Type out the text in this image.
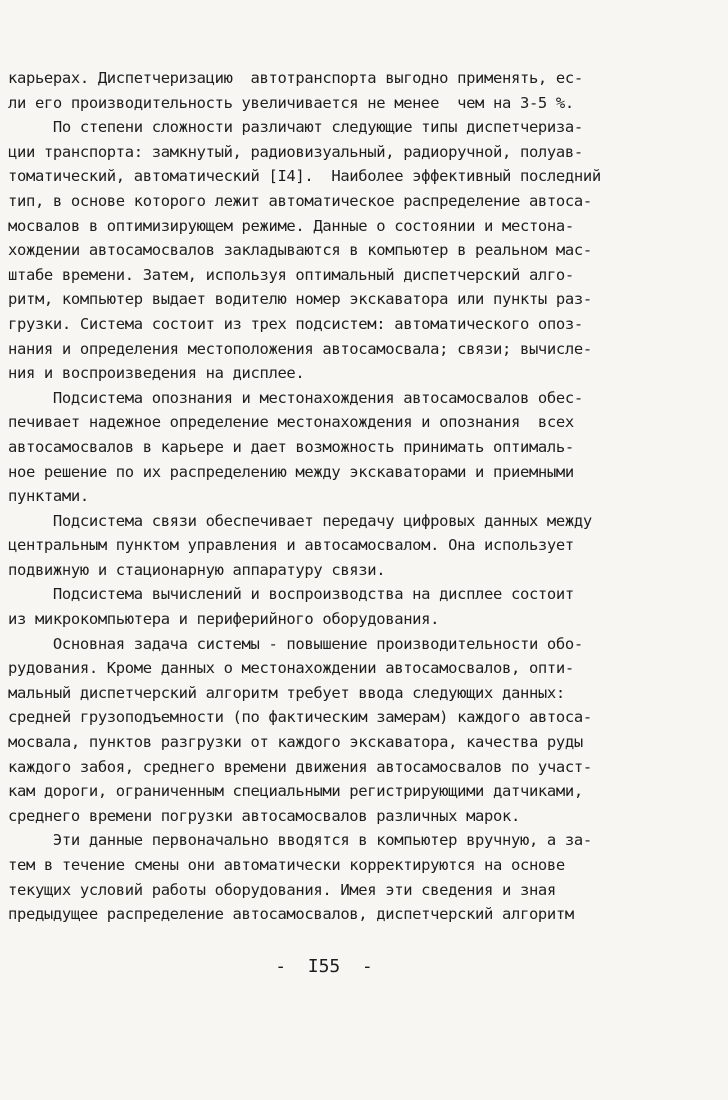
карьерах. Диспетчеризацию  автотранспорта выгодно применять, ес-
ли его производительность увеличивается не менее  чем на 3-5 %.
По степени сложности различают следующие типы диспетчериза-
ции транспорта: замкнутый, радиовизуальный, радиоручной, полуав-
томатический, автоматический [I4].  Наиболее эффективный последний
тип, в основе которого лежит автоматическое распределение автоса-
мосвалов в оптимизирующем режиме. Данные о состоянии и местона-
хождении автосамосвалов закладываются в компьютер в реальном мас-
штабе времени. Затем, используя оптимальный диспетчерский алго-
ритм, компьютер выдает водителю номер экскаватора или пункты раз-
грузки. Система состоит из трех подсистем: автоматического опоз-
нания и определения местоположения автосамосвала; связи; вычисле-
ния и воспроизведения на дисплее.
Подсистема опознания и местонахождения автосамосвалов обес-
печивает надежное определение местонахождения и опознания  всех
автосамосвалов в карьере и дает возможность принимать оптималь-
ное решение по их распределению между экскаваторами и приемными
пунктами.
Подсистема связи обеспечивает передачу цифровых данных между
центральным пунктом управления и автосамосвалом. Она использует
подвижную и стационарную аппаратуру связи.
Подсистема вычислений и воспроизводства на дисплее состоит
из микрокомпьютера и периферийного оборудования.
Основная задача системы - повышение производительности обо-
рудования. Кроме данных о местонахождении автосамосвалов, опти-
мальный диспетчерский алгоритм требует ввода следующих данных:
средней грузоподъемности (по фактическим замерам) каждого автоса-
мосвала, пунктов разгрузки от каждого экскаватора, качества руды
каждого забоя, среднего времени движения автосамосвалов по участ-
кам дороги, ограниченным специальными регистрирующими датчиками,
среднего времени погрузки автосамосвалов различных марок.
Эти данные первоначально вводятся в компьютер вручную, а за-
тем в течение смены они автоматически корректируются на основе
текущих условий работы оборудования. Имея эти сведения и зная
предыдущее распределение автосамосвалов, диспетчерский алгоритм
-  I55  -
